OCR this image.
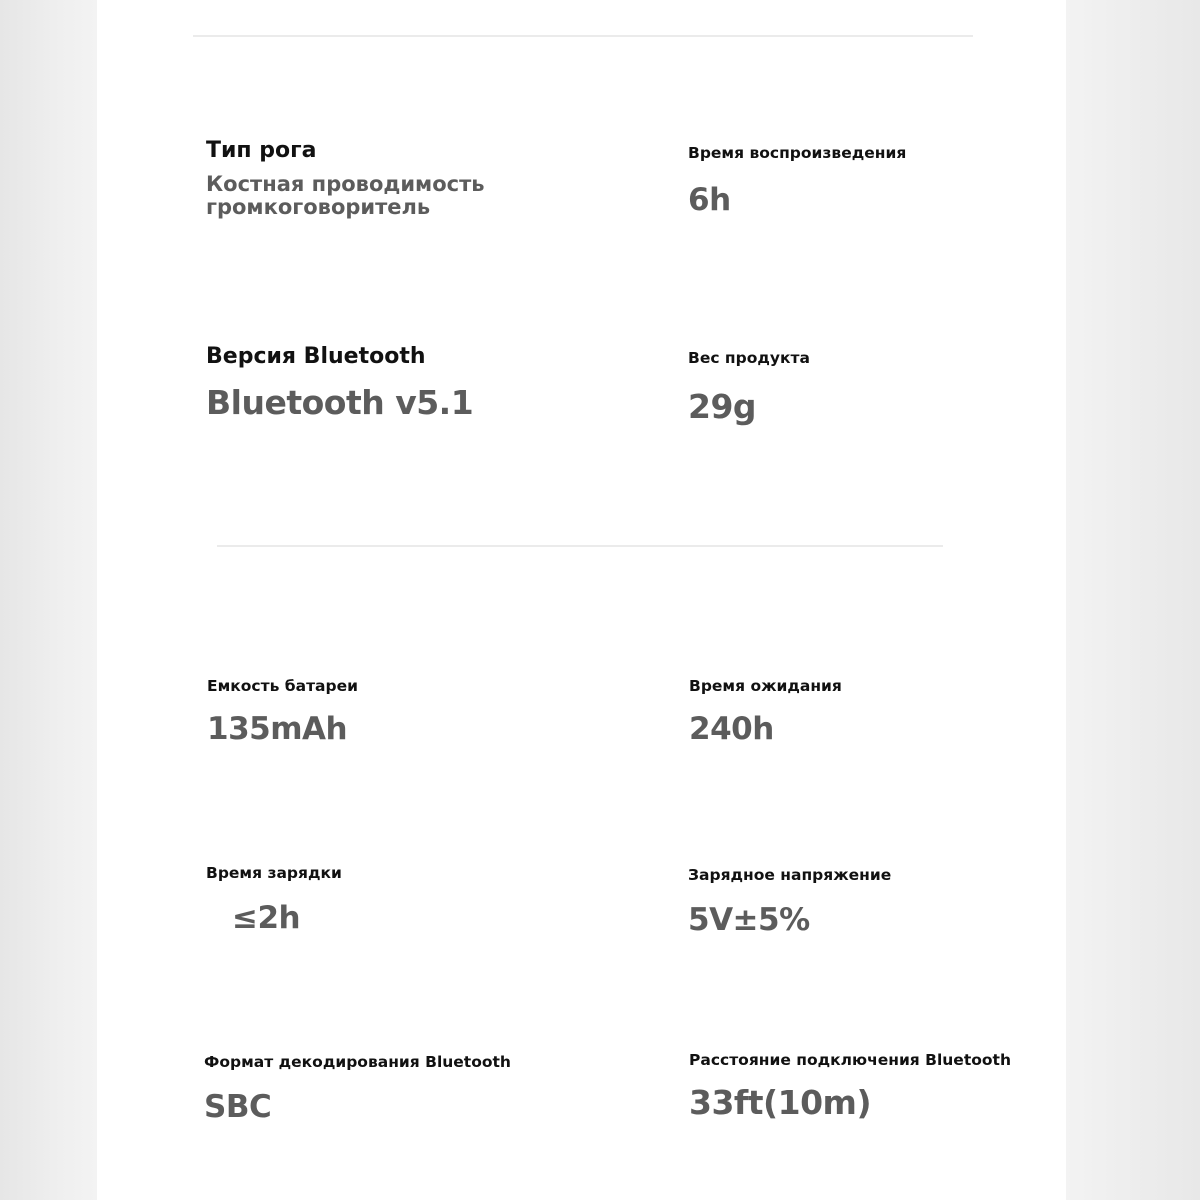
Тип рога
Костная проводимость
громкоговоритель
Время воспроизведения
6h
Версия Bluetooth
Bluetooth v5.1
Вес продукта
29g
Емкость батареи
135mAh
Время ожидания
240h
Время зарядки
≤2h
Зарядное напряжение
5V±5%
Формат декодирования Bluetooth
SBC
Расстояние подключения Bluetooth
33ft(10m)
